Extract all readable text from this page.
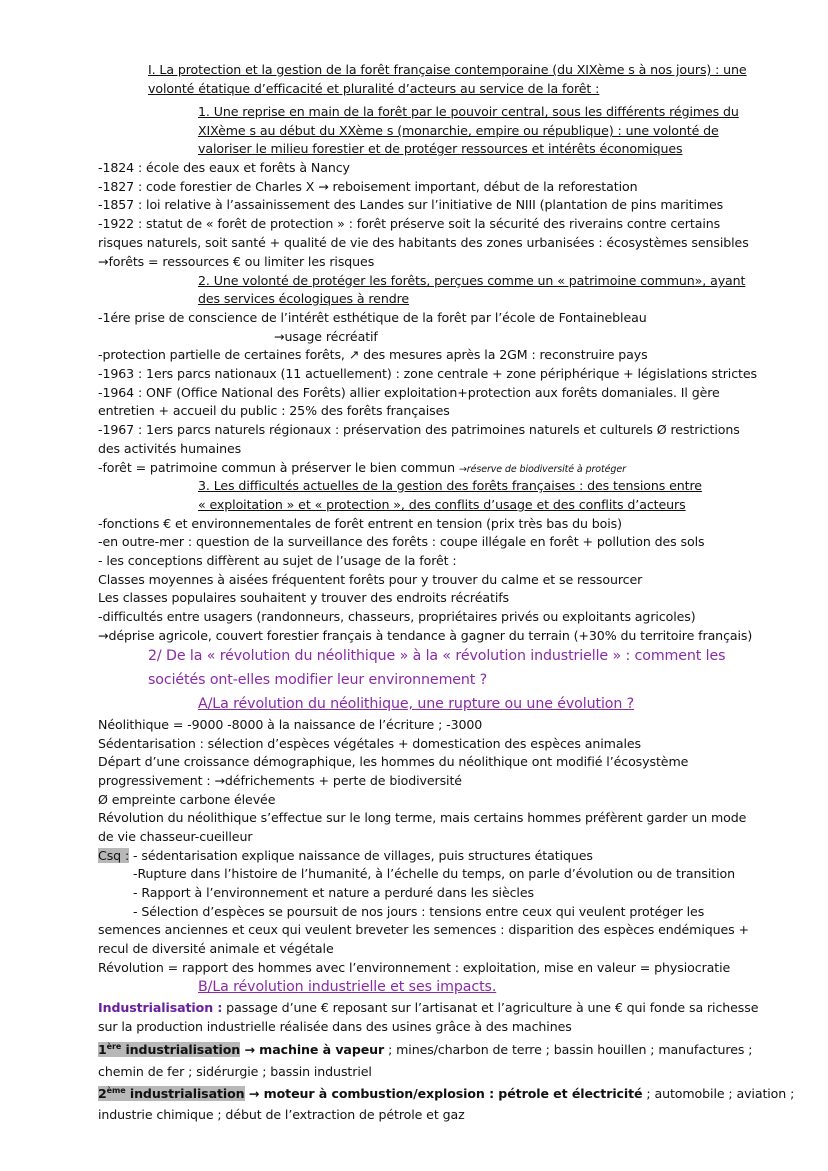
I. La protection et la gestion de la forêt française contemporaine (du XIXème s à nos jours) : une
volonté étatique d’efficacité et pluralité d’acteurs au service de la forêt :
1. Une reprise en main de la forêt par le pouvoir central, sous les différents régimes du
XIXème s au début du XXème s (monarchie, empire ou république) : une volonté de
valoriser le milieu forestier et de protéger ressources et intérêts économiques
-1824 : école des eaux et forêts à Nancy
-1827 : code forestier de Charles X → reboisement important, début de la reforestation
-1857 : loi relative à l’assainissement des Landes sur l’initiative de NIII (plantation de pins maritimes
-1922 : statut de « forêt de protection » : forêt préserve soit la sécurité des riverains contre certains
risques naturels, soit santé + qualité de vie des habitants des zones urbanisées : écosystèmes sensibles
→forêts = ressources € ou limiter les risques
2. Une volonté de protéger les forêts, perçues comme un « patrimoine commun», ayant
des services écologiques à rendre
-1ére prise de conscience de l’intérêt esthétique de la forêt par l’école de Fontainebleau
→usage récréatif
-protection partielle de certaines forêts, ↗ des mesures après la 2GM : reconstruire pays
-1963 : 1ers parcs nationaux (11 actuellement) : zone centrale + zone périphérique + législations strictes
-1964 : ONF (Office National des Forêts) allier exploitation+protection aux forêts domaniales. Il gère
entretien + accueil du public : 25% des forêts françaises
-1967 : 1ers parcs naturels régionaux : préservation des patrimoines naturels et culturels Ø restrictions
des activités humaines
-forêt = patrimoine commun à préserver le bien commun →réserve de biodiversité à protéger
3. Les difficultés actuelles de la gestion des forêts françaises : des tensions entre
« exploitation » et « protection », des conflits d’usage et des conflits d’acteurs
-fonctions € et environnementales de forêt entrent en tension (prix très bas du bois)
-en outre-mer : question de la surveillance des forêts : coupe illégale en forêt + pollution des sols
- les conceptions diffèrent au sujet de l’usage de la forêt :
Classes moyennes à aisées fréquentent forêts pour y trouver du calme et se ressourcer
Les classes populaires souhaitent y trouver des endroits récréatifs
-difficultés entre usagers (randonneurs, chasseurs, propriétaires privés ou exploitants agricoles)
→déprise agricole, couvert forestier français à tendance à gagner du terrain (+30% du territoire français)
2/ De la « révolution du néolithique » à la « révolution industrielle » : comment les
sociétés ont-elles modifier leur environnement ?
A/La révolution du néolithique, une rupture ou une évolution ?
Néolithique = -9000 -8000 à la naissance de l’écriture ; -3000
Sédentarisation : sélection d’espèces végétales + domestication des espèces animales
Départ d’une croissance démographique, les hommes du néolithique ont modifié l’écosystème
progressivement : →défrichements + perte de biodiversité
Ø empreinte carbone élevée
Révolution du néolithique s’effectue sur le long terme, mais certains hommes préfèrent garder un mode
de vie chasseur-cueilleur
Csq : - sédentarisation explique naissance de villages, puis structures étatiques
-Rupture dans l’histoire de l’humanité, à l’échelle du temps, on parle d’évolution ou de transition
- Rapport à l’environnement et nature a perduré dans les siècles
- Sélection d’espèces se poursuit de nos jours : tensions entre ceux qui veulent protéger les
semences anciennes et ceux qui veulent breveter les semences : disparition des espèces endémiques +
recul de diversité animale et végétale
Révolution = rapport des hommes avec l’environnement : exploitation, mise en valeur = physiocratie
B/La révolution industrielle et ses impacts.
Industrialisation : passage d’une € reposant sur l’artisanat et l’agriculture à une € qui fonde sa richesse
sur la production industrielle réalisée dans des usines grâce à des machines
1ère industrialisation → machine à vapeur ; mines/charbon de terre ; bassin houillen ; manufactures ;
chemin de fer ; sidérurgie ; bassin industriel
2ème industrialisation → moteur à combustion/explosion : pétrole et électricité ; automobile ; aviation ;
industrie chimique ; début de l’extraction de pétrole et gaz
